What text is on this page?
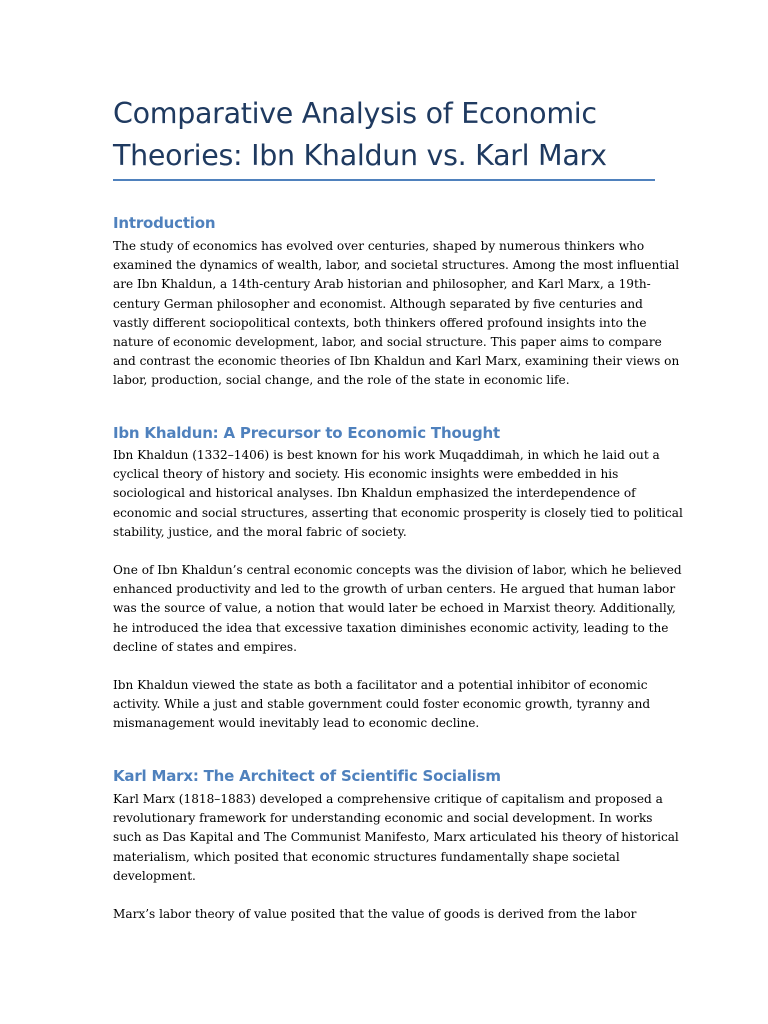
Comparative Analysis of Economic
Theories: Ibn Khaldun vs. Karl Marx
Introduction

The study of economics has evolved over centuries, shaped by numerous thinkers who
examined the dynamics of wealth, labor, and societal structures. Among the most influential
are Ibn Khaldun, a 14th-century Arab historian and philosopher, and Karl Marx, a 19th-
century German philosopher and economist. Although separated by five centuries and
vastly different sociopolitical contexts, both thinkers offered profound insights into the
nature of economic development, labor, and social structure. This paper aims to compare
and contrast the economic theories of Ibn Khaldun and Karl Marx, examining their views on
labor, production, social change, and the role of the state in economic life.

Ibn Khaldun: A Precursor to Economic Thought

Ibn Khaldun (1332–1406) is best known for his work Muqaddimah, in which he laid out a
cyclical theory of history and society. His economic insights were embedded in his
sociological and historical analyses. Ibn Khaldun emphasized the interdependence of
economic and social structures, asserting that economic prosperity is closely tied to political
stability, justice, and the moral fabric of society.

One of Ibn Khaldun’s central economic concepts was the division of labor, which he believed
enhanced productivity and led to the growth of urban centers. He argued that human labor
was the source of value, a notion that would later be echoed in Marxist theory. Additionally,
he introduced the idea that excessive taxation diminishes economic activity, leading to the
decline of states and empires.

Ibn Khaldun viewed the state as both a facilitator and a potential inhibitor of economic
activity. While a just and stable government could foster economic growth, tyranny and
mismanagement would inevitably lead to economic decline.

Karl Marx: The Architect of Scientific Socialism

Karl Marx (1818–1883) developed a comprehensive critique of capitalism and proposed a
revolutionary framework for understanding economic and social development. In works
such as Das Kapital and The Communist Manifesto, Marx articulated his theory of historical
materialism, which posited that economic structures fundamentally shape societal
development.

Marx’s labor theory of value posited that the value of goods is derived from the labor
